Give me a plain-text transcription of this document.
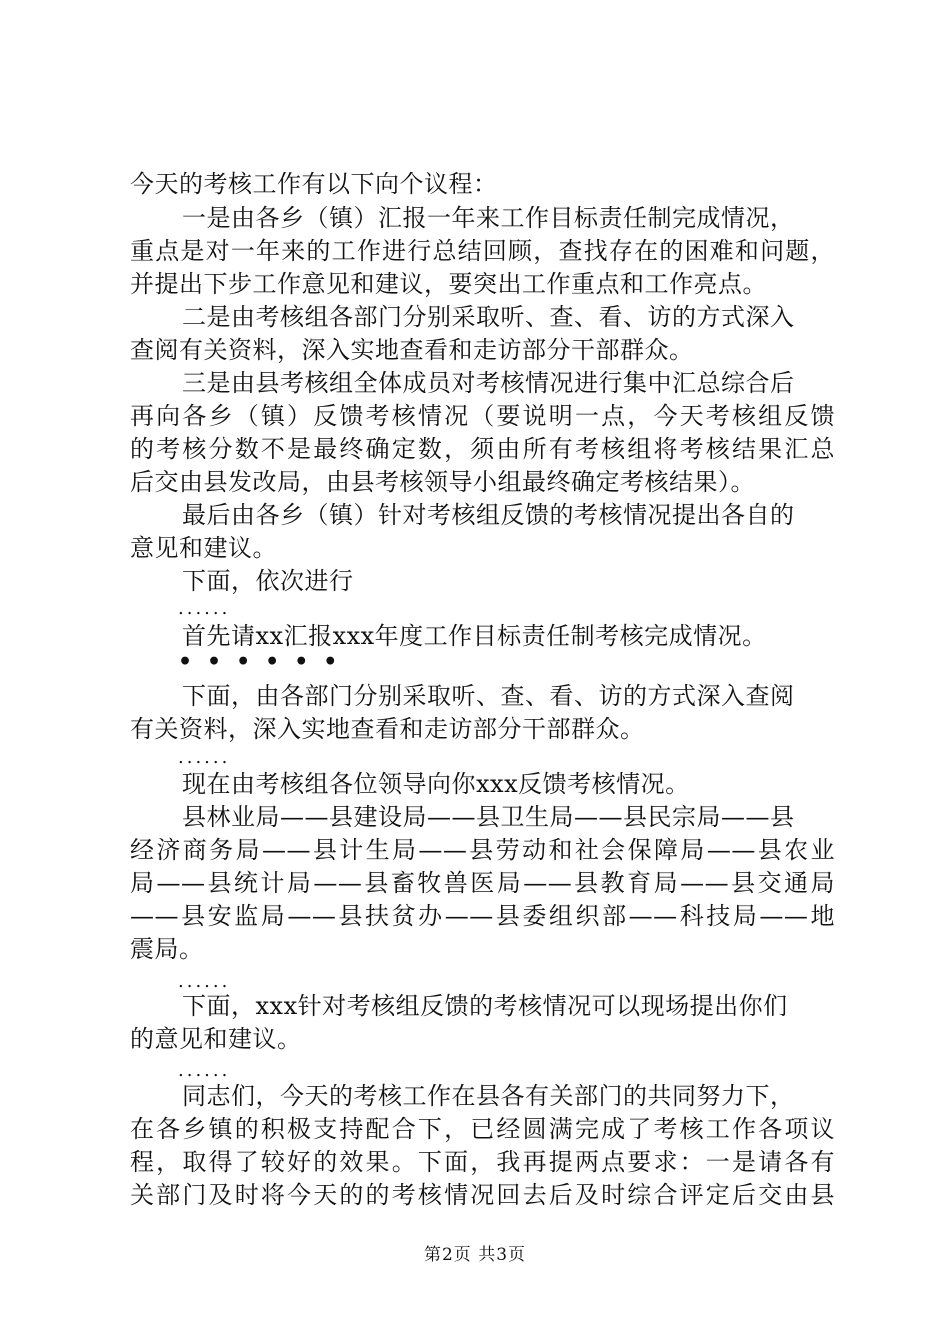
今天的考核工作有以下向个议程：
一是由各乡（镇）汇报一年来工作目标责任制完成情况，
重点是对一年来的工作进行总结回顾，查找存在的困难和问题，
并提出下步工作意见和建议，要突出工作重点和工作亮点。
二是由考核组各部门分别采取听、查、看、访的方式深入
查阅有关资料，深入实地查看和走访部分干部群众。
三是由县考核组全体成员对考核情况进行集中汇总综合后
再向各乡（镇）反馈考核情况（要说明一点，今天考核组反馈
的考核分数不是最终确定数，须由所有考核组将考核结果汇总
后交由县发改局，由县考核领导小组最终确定考核结果）。
最后由各乡（镇）针对考核组反馈的考核情况提出各自的
意见和建议。
下面，依次进行
......
首先请xx汇报xxx年度工作目标责任制考核完成情况。
••••••
下面，由各部门分别采取听、查、看、访的方式深入查阅
有关资料，深入实地查看和走访部分干部群众。
......
现在由考核组各位领导向你xxx反馈考核情况。
县林业局——县建设局——县卫生局——县民宗局——县
经济商务局——县计生局——县劳动和社会保障局——县农业
局——县统计局——县畜牧兽医局——县教育局——县交通局
——县安监局——县扶贫办——县委组织部——科技局——地
震局。
......
下面，xxx针对考核组反馈的考核情况可以现场提出你们
的意见和建议。
......
同志们，今天的考核工作在县各有关部门的共同努力下，
在各乡镇的积极支持配合下，已经圆满完成了考核工作各项议
程，取得了较好的效果。下面，我再提两点要求：一是请各有
关部门及时将今天的的考核情况回去后及时综合评定后交由县
第2页 共3页
